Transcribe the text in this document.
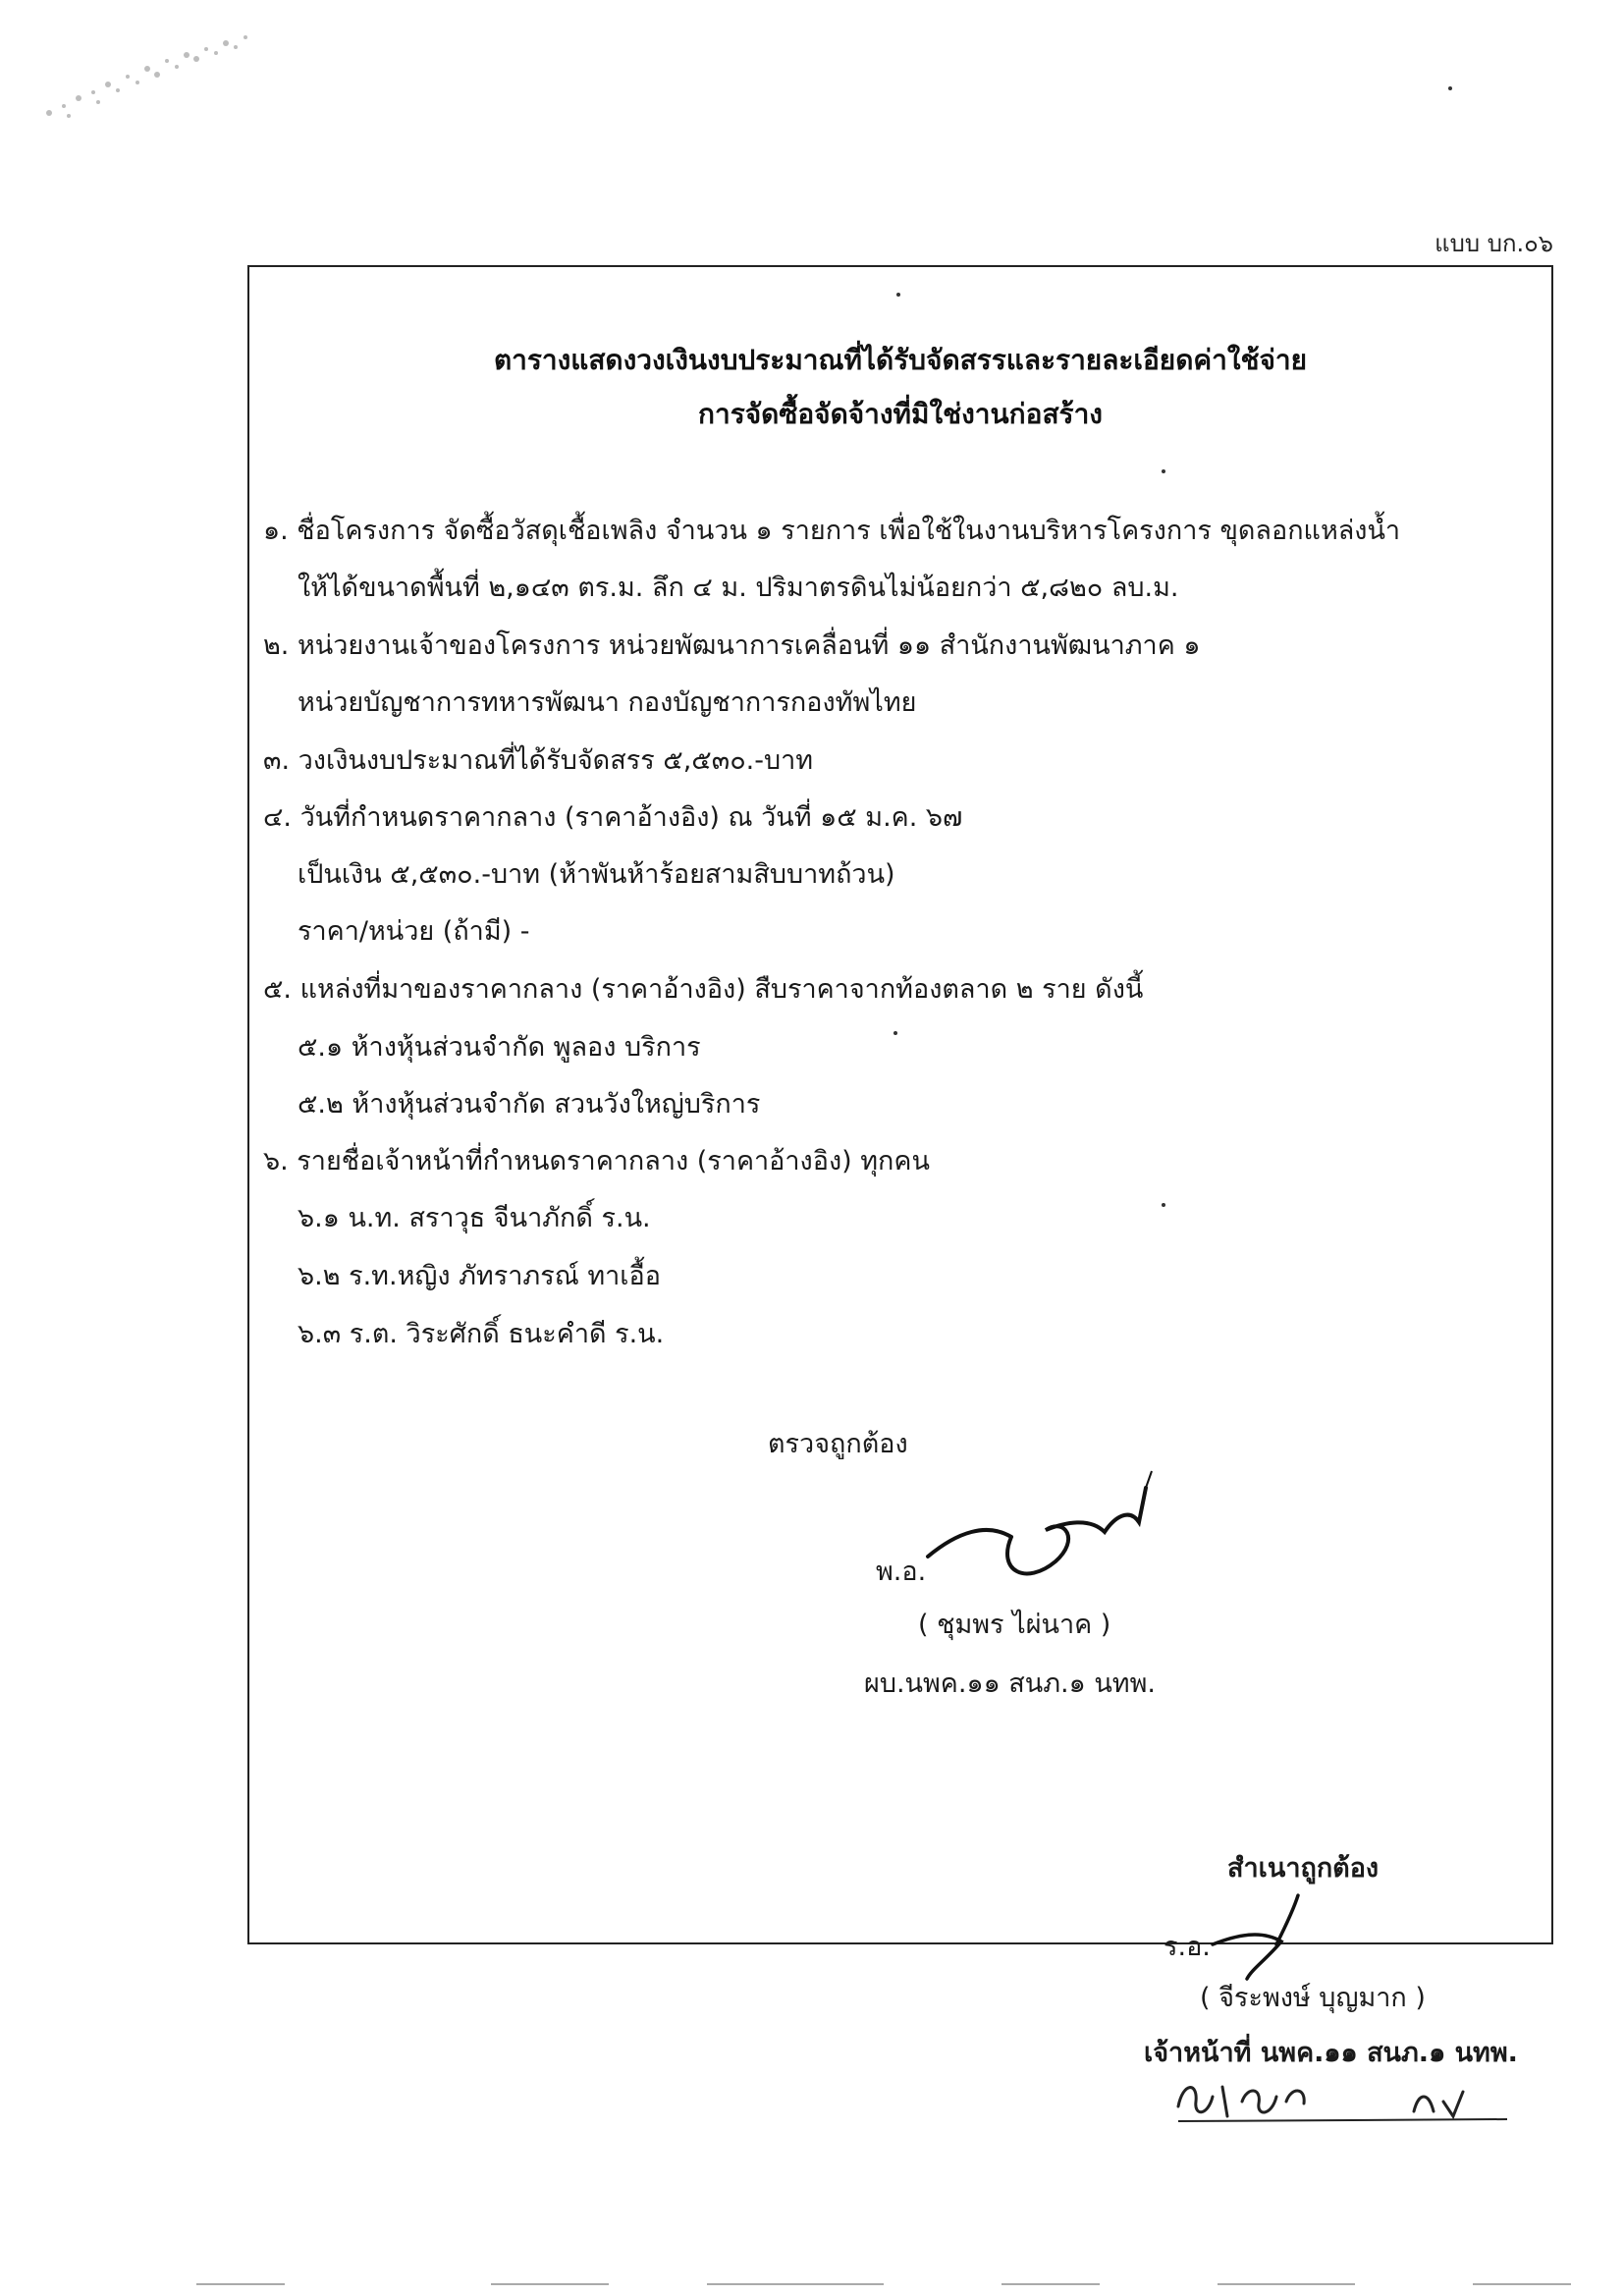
แบบ บก.๐๖
ตารางแสดงวงเงินงบประมาณที่ได้รับจัดสรรและรายละเอียดค่าใช้จ่าย
การจัดซื้อจัดจ้างที่มิใช่งานก่อสร้าง
๑. ชื่อโครงการ จัดซื้อวัสดุเชื้อเพลิง จำนวน ๑ รายการ เพื่อใช้ในงานบริหารโครงการ ขุดลอกแหล่งน้ำ
ให้ได้ขนาดพื้นที่ ๒,๑๔๓ ตร.ม. ลึก ๔ ม. ปริมาตรดินไม่น้อยกว่า ๕,๘๒๐ ลบ.ม.
๒. หน่วยงานเจ้าของโครงการ หน่วยพัฒนาการเคลื่อนที่ ๑๑ สำนักงานพัฒนาภาค ๑
หน่วยบัญชาการทหารพัฒนา กองบัญชาการกองทัพไทย
๓. วงเงินงบประมาณที่ได้รับจัดสรร ๕,๕๓๐.-บาท
๔. วันที่กำหนดราคากลาง (ราคาอ้างอิง) ณ วันที่ ๑๕ ม.ค. ๖๗
เป็นเงิน ๕,๕๓๐.-บาท (ห้าพันห้าร้อยสามสิบบาทถ้วน)
ราคา/หน่วย (ถ้ามี) -
๕. แหล่งที่มาของราคากลาง (ราคาอ้างอิง) สืบราคาจากท้องตลาด ๒ ราย ดังนี้
๕.๑ ห้างหุ้นส่วนจำกัด พูลอง บริการ
๕.๒ ห้างหุ้นส่วนจำกัด สวนวังใหญ่บริการ
๖. รายชื่อเจ้าหน้าที่กำหนดราคากลาง (ราคาอ้างอิง) ทุกคน
๖.๑ น.ท. สราวุธ จีนาภักดิ์ ร.น.
๖.๒ ร.ท.หญิง ภัทราภรณ์ ทาเอื้อ
๖.๓ ร.ต. วิระศักดิ์ ธนะคำดี ร.น.
ตรวจถูกต้อง
พ.อ.
( ชุมพร ไผ่นาค )
ผบ.นพค.๑๑ สนภ.๑ นทพ.
สำเนาถูกต้อง
ร.อ.
( จีระพงษ์ บุญมาก )
เจ้าหน้าที่ นพค.๑๑ สนภ.๑ นทพ.
